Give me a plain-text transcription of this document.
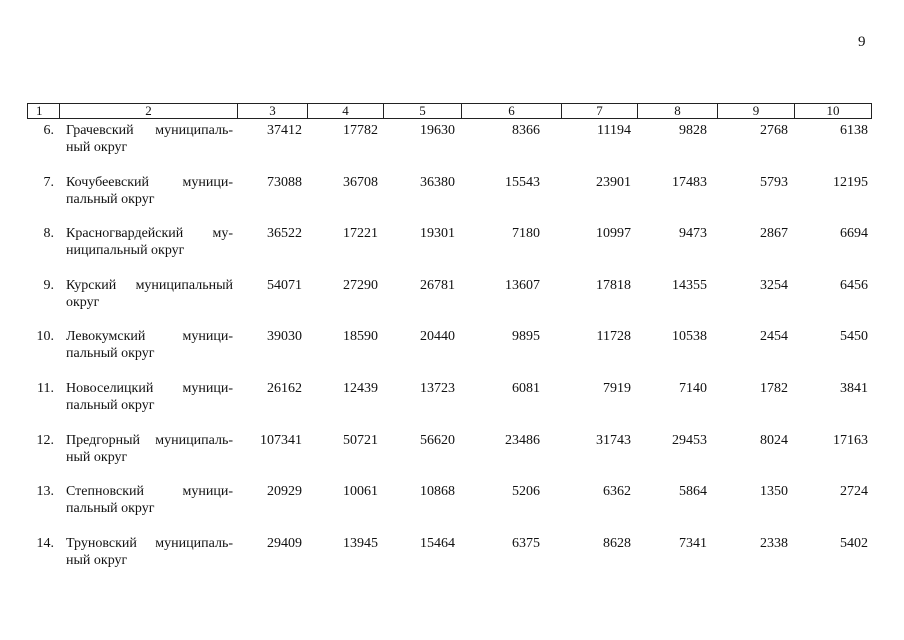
9
1	2	3	4	5	6	7	8	9	10
6. Грачевский муниципаль-
ный округ
37412	17782	19630	8366	11194	9828	2768	6138
7. Кочубеевский муници-
пальный округ
73088	36708	36380	15543	23901	17483	5793	12195
8. Красногвардейский му-
ниципальный округ
36522	17221	19301	7180	10997	9473	2867	6694
9. Курский муниципальный
округ
54071	27290	26781	13607	17818	14355	3254	6456
10. Левокумский муници-
пальный округ
39030	18590	20440	9895	11728	10538	2454	5450
11. Новоселицкий муници-
пальный округ
26162	12439	13723	6081	7919	7140	1782	3841
12. Предгорный муниципаль-
ный округ
107341	50721	56620	23486	31743	29453	8024	17163
13. Степновский муници-
пальный округ
20929	10061	10868	5206	6362	5864	1350	2724
14. Труновский муниципаль-
ный округ
29409	13945	15464	6375	8628	7341	2338	5402
